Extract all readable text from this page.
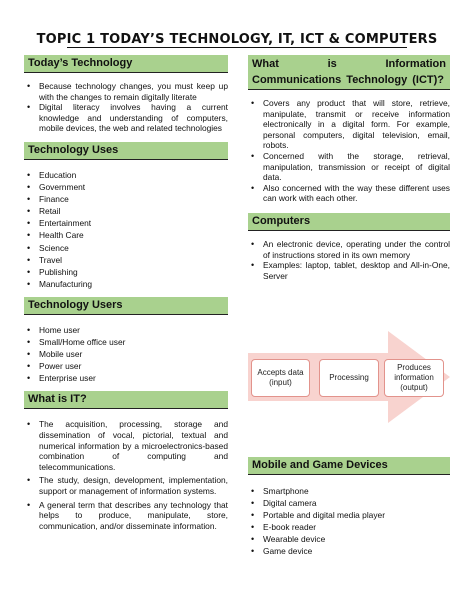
TOPIC 1 TODAY’S TECHNOLOGY, IT, ICT & COMPUTERS
Today’s Technology
• Because technology changes, you must keep up with the changes to remain digitally literate
• Digital literacy involves having a current knowledge and understanding of computers, mobile devices, the web and related technologies
Technology Uses
• Education
• Government
• Finance
• Retail
• Entertainment
• Health Care
• Science
• Travel
• Publishing
• Manufacturing
Technology Users
• Home user
• Small/Home office user
• Mobile user
• Power user
• Enterprise user
What is IT?
• The acquisition, processing, storage and dissemination of vocal, pictorial, textual and numerical information by a microelectronics-based combination of computing and telecommunications.
• The study, design, development, implementation, support or management of information systems.
• A general term that describes any technology that helps to produce, manipulate, store, communication, and/or disseminate information.
What is Information Communications Technology (ICT)?
• Covers any product that will store, retrieve, manipulate, transmit or receive information electronically in a digital form. For example, personal computers, digital television, email, robots.
• Concerned with the storage, retrieval, manipulation, transmission or receipt of digital data.
• Also concerned with the way these different uses can work with each other.
Computers
• An electronic device, operating under the control of instructions stored in its own memory
• Examples: laptop, tablet, desktop and All-in-One, Server
Accepts data (input)
Processing
Produces information (output)
Mobile and Game Devices
• Smartphone
• Digital camera
• Portable and digital media player
• E-book reader
• Wearable device
• Game device
